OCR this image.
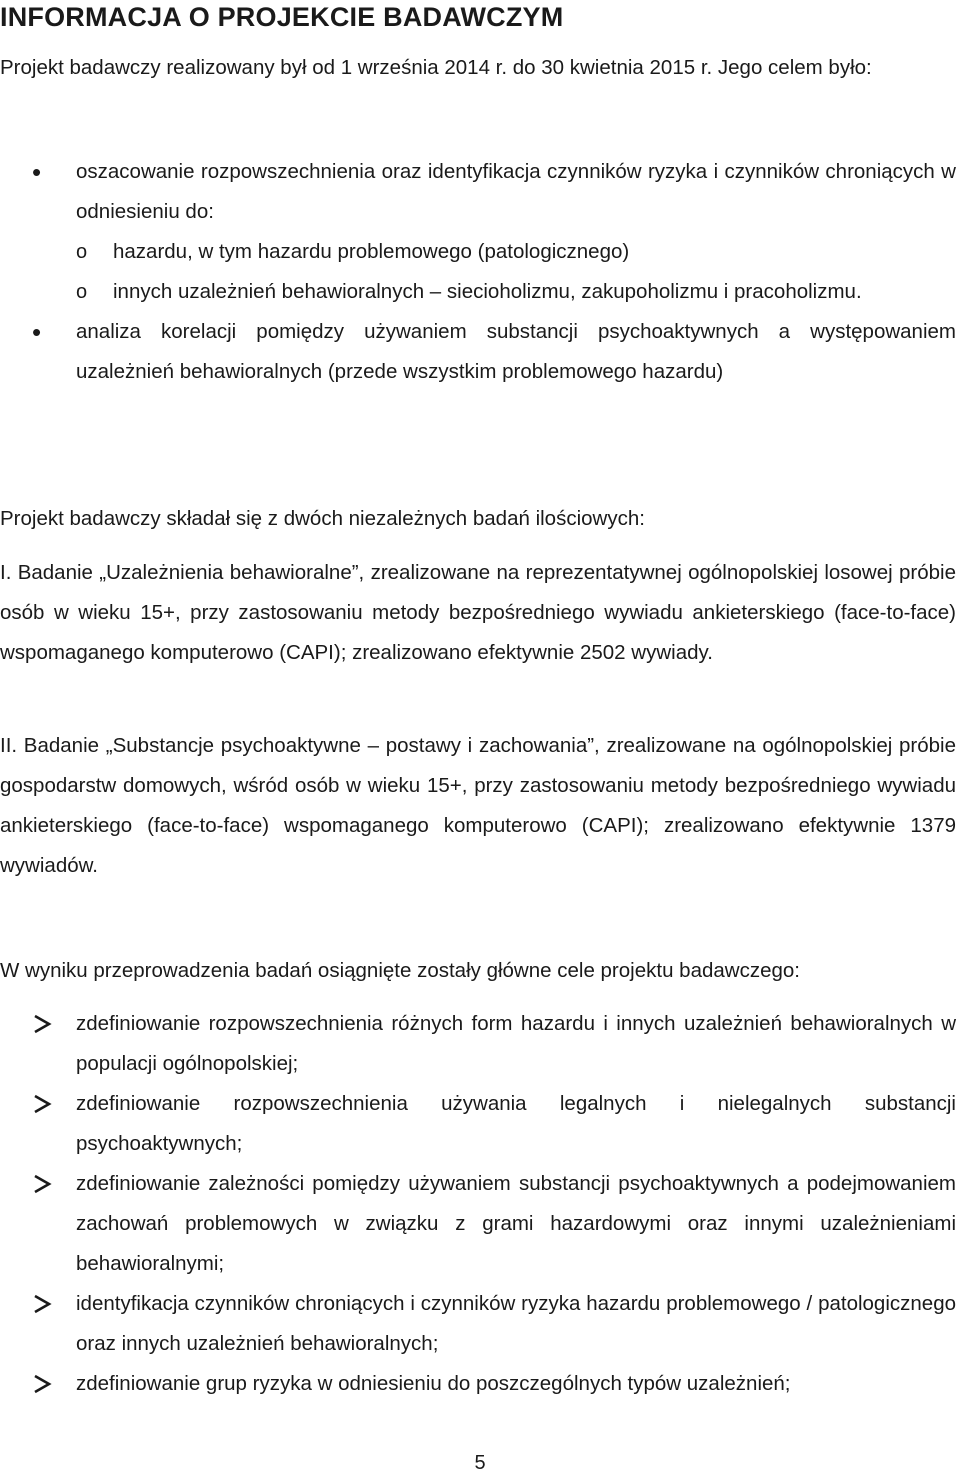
INFORMACJA O PROJEKCIE BADAWCZYM

Projekt badawczy realizowany był od 1 września 2014 r. do 30 kwietnia 2015 r. Jego celem było:

• oszacowanie rozpowszechnienia oraz identyfikacja czynników ryzyka i czynników chroniących w odniesieniu do:
o hazardu, w tym hazardu problemowego (patologicznego)
o innych uzależnień behawioralnych – siecioholizmu, zakupoholizmu i pracoholizmu.
• analiza korelacji pomiędzy używaniem substancji psychoaktywnych a występowaniem uzależnień behawioralnych (przede wszystkim problemowego hazardu)

Projekt badawczy składał się z dwóch niezależnych badań ilościowych:

I. Badanie „Uzależnienia behawioralne”, zrealizowane na reprezentatywnej ogólnopolskiej losowej próbie osób w wieku 15+, przy zastosowaniu metody bezpośredniego wywiadu ankieterskiego (face-to-face) wspomaganego komputerowo (CAPI); zrealizowano efektywnie 2502 wywiady.

II. Badanie „Substancje psychoaktywne – postawy i zachowania”, zrealizowane na ogólnopolskiej próbie gospodarstw domowych, wśród osób w wieku 15+, przy zastosowaniu metody bezpośredniego wywiadu ankieterskiego (face-to-face) wspomaganego komputerowo (CAPI); zrealizowano efektywnie 1379 wywiadów.

W wyniku przeprowadzenia badań osiągnięte zostały główne cele projektu badawczego:

zdefiniowanie rozpowszechnienia różnych form hazardu i innych uzależnień behawioralnych w populacji ogólnopolskiej;
zdefiniowanie rozpowszechnienia używania legalnych i nielegalnych substancji psychoaktywnych;
zdefiniowanie zależności pomiędzy używaniem substancji psychoaktywnych a podejmowaniem zachowań problemowych w związku z grami hazardowymi oraz innymi uzależnieniami behawioralnymi;
identyfikacja czynników chroniących i czynników ryzyka hazardu problemowego / patologicznego oraz innych uzależnień behawioralnych;
zdefiniowanie grup ryzyka w odniesieniu do poszczególnych typów uzależnień;
5
